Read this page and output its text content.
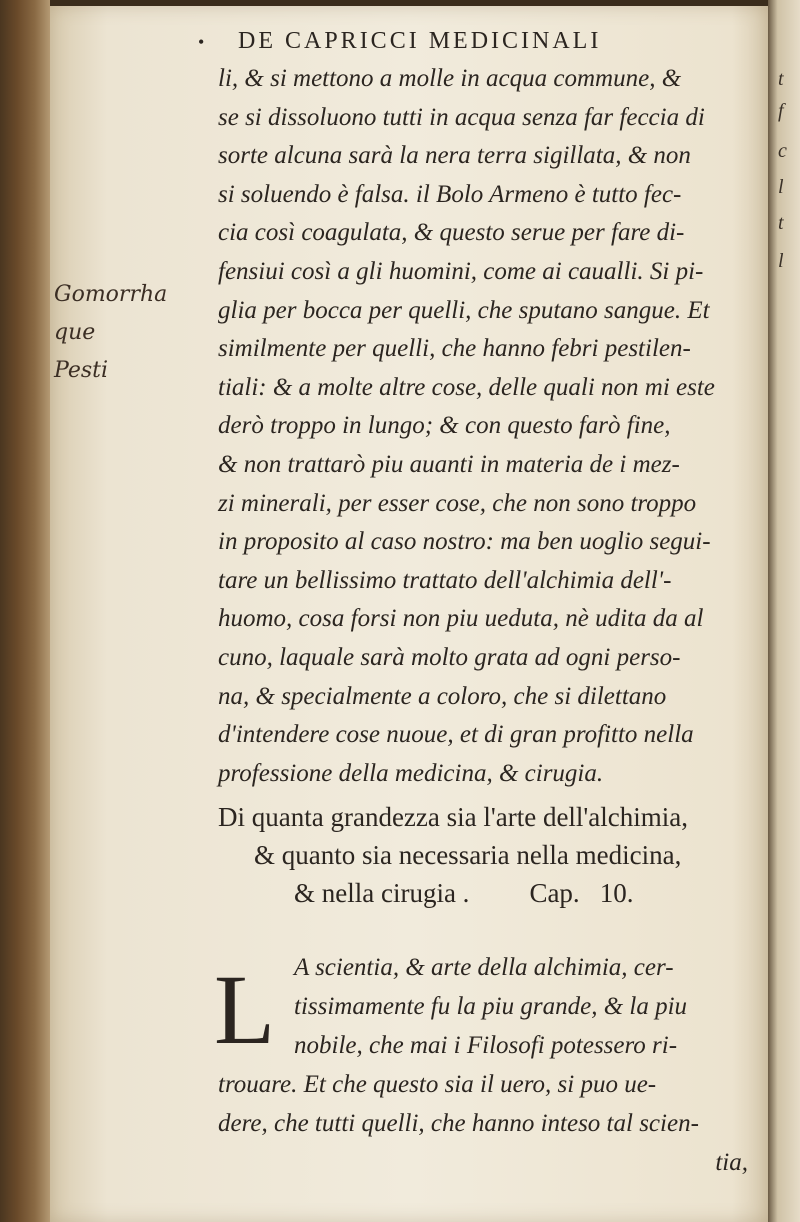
t
f
c
l
t
l
• DE CAPRICCI MEDICINALI
Gomorrha
que
Pesti
li, & si mettono a molle in acqua commune, &
se si dissoluono tutti in acqua senza far feccia di
sorte alcuna sarà la nera terra sigillata, & non
si soluendo è falsa. il Bolo Armeno è tutto fec-
cia così coagulata, & questo serue per fare di-
fensiui così a gli huomini, come ai caualli. Si pi-
glia per bocca per quelli, che sputano sangue. Et
similmente per quelli, che hanno febri pestilen-
tiali: & a molte altre cose, delle quali non mi este
derò troppo in lungo; & con questo farò fine,
& non trattarò piu auanti in materia de i mez-
zi minerali, per esser cose, che non sono troppo
in proposito al caso nostro: ma ben uoglio segui-
tare un bellissimo trattato dell'alchimia dell'-
huomo, cosa forsi non piu ueduta, nè udita da al
cuno, laquale sarà molto grata ad ogni perso-
na, & specialmente a coloro, che si dilettano
d'intendere cose nuoue, et di gran profitto nella
professione della medicina, & cirugia.
Di quanta grandezza sia l'arte dell'alchimia,
& quanto sia necessaria nella medicina,
& nella cirugia . Cap. 10.
L A scientia, & arte della alchimia, cer-
tissimamente fu la piu grande, & la piu
nobile, che mai i Filosofi potessero ri-
trouare. Et che questo sia il uero, si puo ue-
dere, che tutti quelli, che hanno inteso tal scien-
tia,
